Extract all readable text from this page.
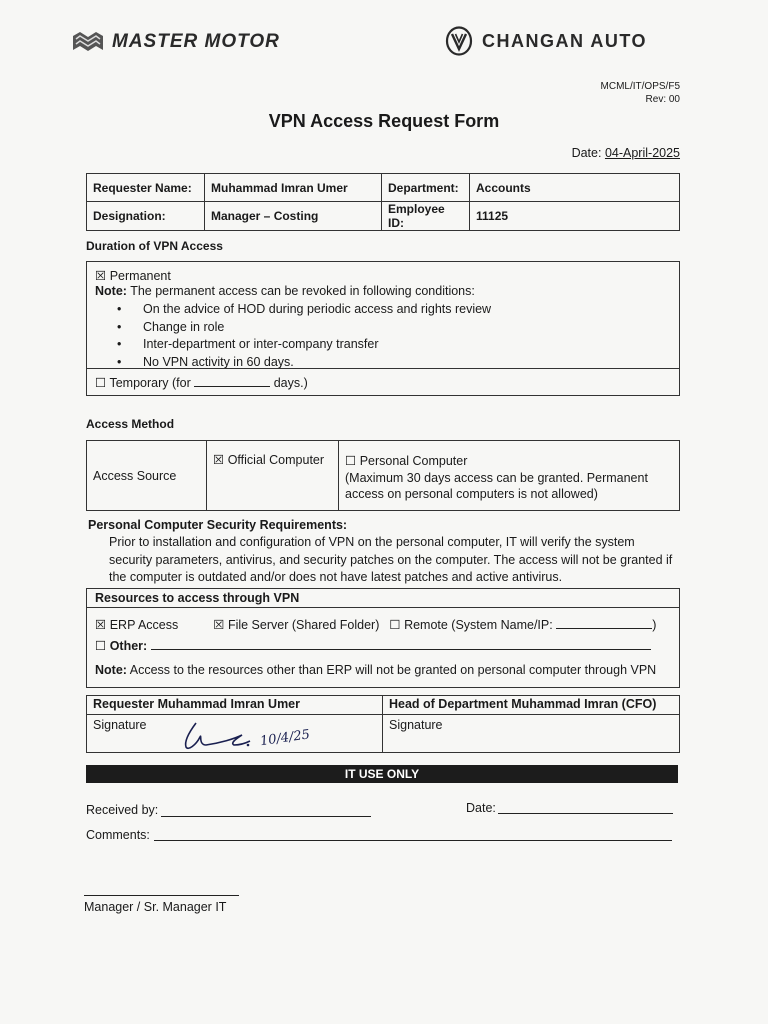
MASTER MOTOR	CHANGAN AUTO
MCML/IT/OPS/F5
Rev: 00
VPN Access Request Form
Date: 04-April-2025
Requester Name:	Muhammad Imran Umer	Department:	Accounts
Designation:	Manager – Costing	Employee ID:	11125
Duration of VPN Access
☒ Permanent
Note: The permanent access can be revoked in following conditions:
• On the advice of HOD during periodic access and rights review
• Change in role
• Inter-department or inter-company transfer
• No VPN activity in 60 days.
☐ Temporary (for	days.)
Access Method
Access Source	☒ Official Computer	☐ Personal Computer
(Maximum 30 days access can be granted. Permanent access on personal computers is not allowed)
Personal Computer Security Requirements:
Prior to installation and configuration of VPN on the personal computer, IT will verify the system security parameters, antivirus, and security patches on the computer. The access will not be granted if the computer is outdated and/or does not have latest patches and active antivirus.
Resources to access through VPN
☒ ERP Access	☒ File Server (Shared Folder) ☐ Remote (System Name/IP:	)
☐ Other:
Note: Access to the resources other than ERP will not be granted on personal computer through VPN
Requester Muhammad Imran Umer	Head of Department Muhammad Imran (CFO)
Signature	Signature
10/4/25
IT USE ONLY
Received by:	Date:
Comments:
Manager / Sr. Manager IT
